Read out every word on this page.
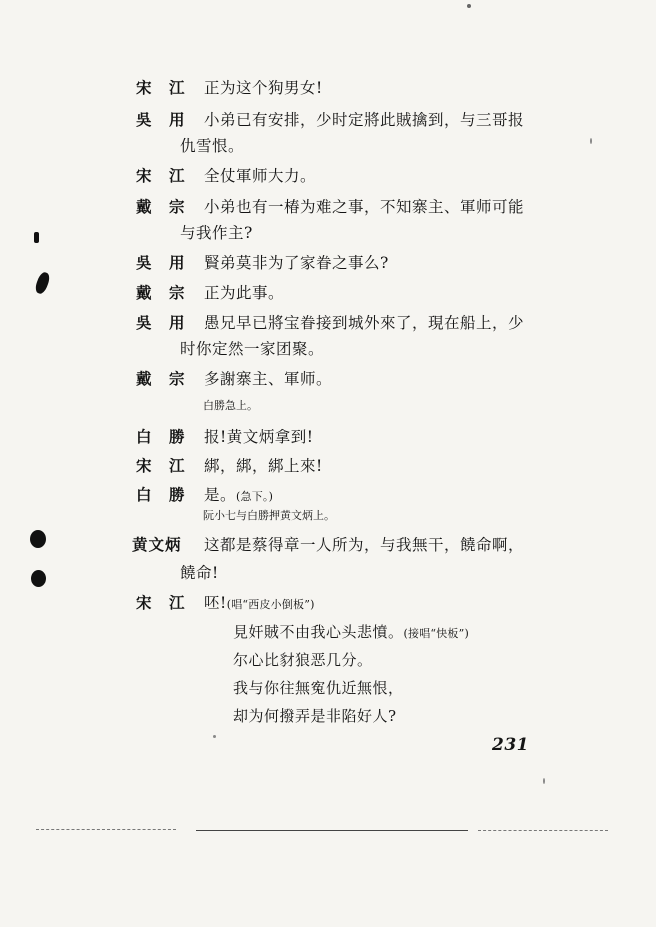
宋　江	正为这个狗男女!
吳　用	小弟已有安排，少时定將此賊擒到，与三哥报
仇雪恨。
宋　江	全仗軍师大力。
戴　宗	小弟也有一椿为难之事，不知寨主、軍师可能
与我作主?
吳　用	賢弟莫非为了家眷之事么?
戴　宗	正为此事。
吳　用	愚兄早已將宝眷接到城外來了，現在船上，少
时你定然一家团聚。
戴　宗	多謝寨主、軍师。
白勝急上。
白　勝	报!黄文炳拿到!
宋　江	綁，綁，綁上來!
白　勝	是。(急下。)
阮小七与白勝押黄文炳上。
黄文炳	这都是蔡得章一人所为，与我無干，饒命啊，
饒命!
宋　江	呸!(唱“西皮小倒板”)
見奸賊不由我心头悲憤。(接唱“快板”)
尔心比豺狼恶几分。
我与你往無寃仇近無恨，
却为何撥弄是非陷好人?
231
